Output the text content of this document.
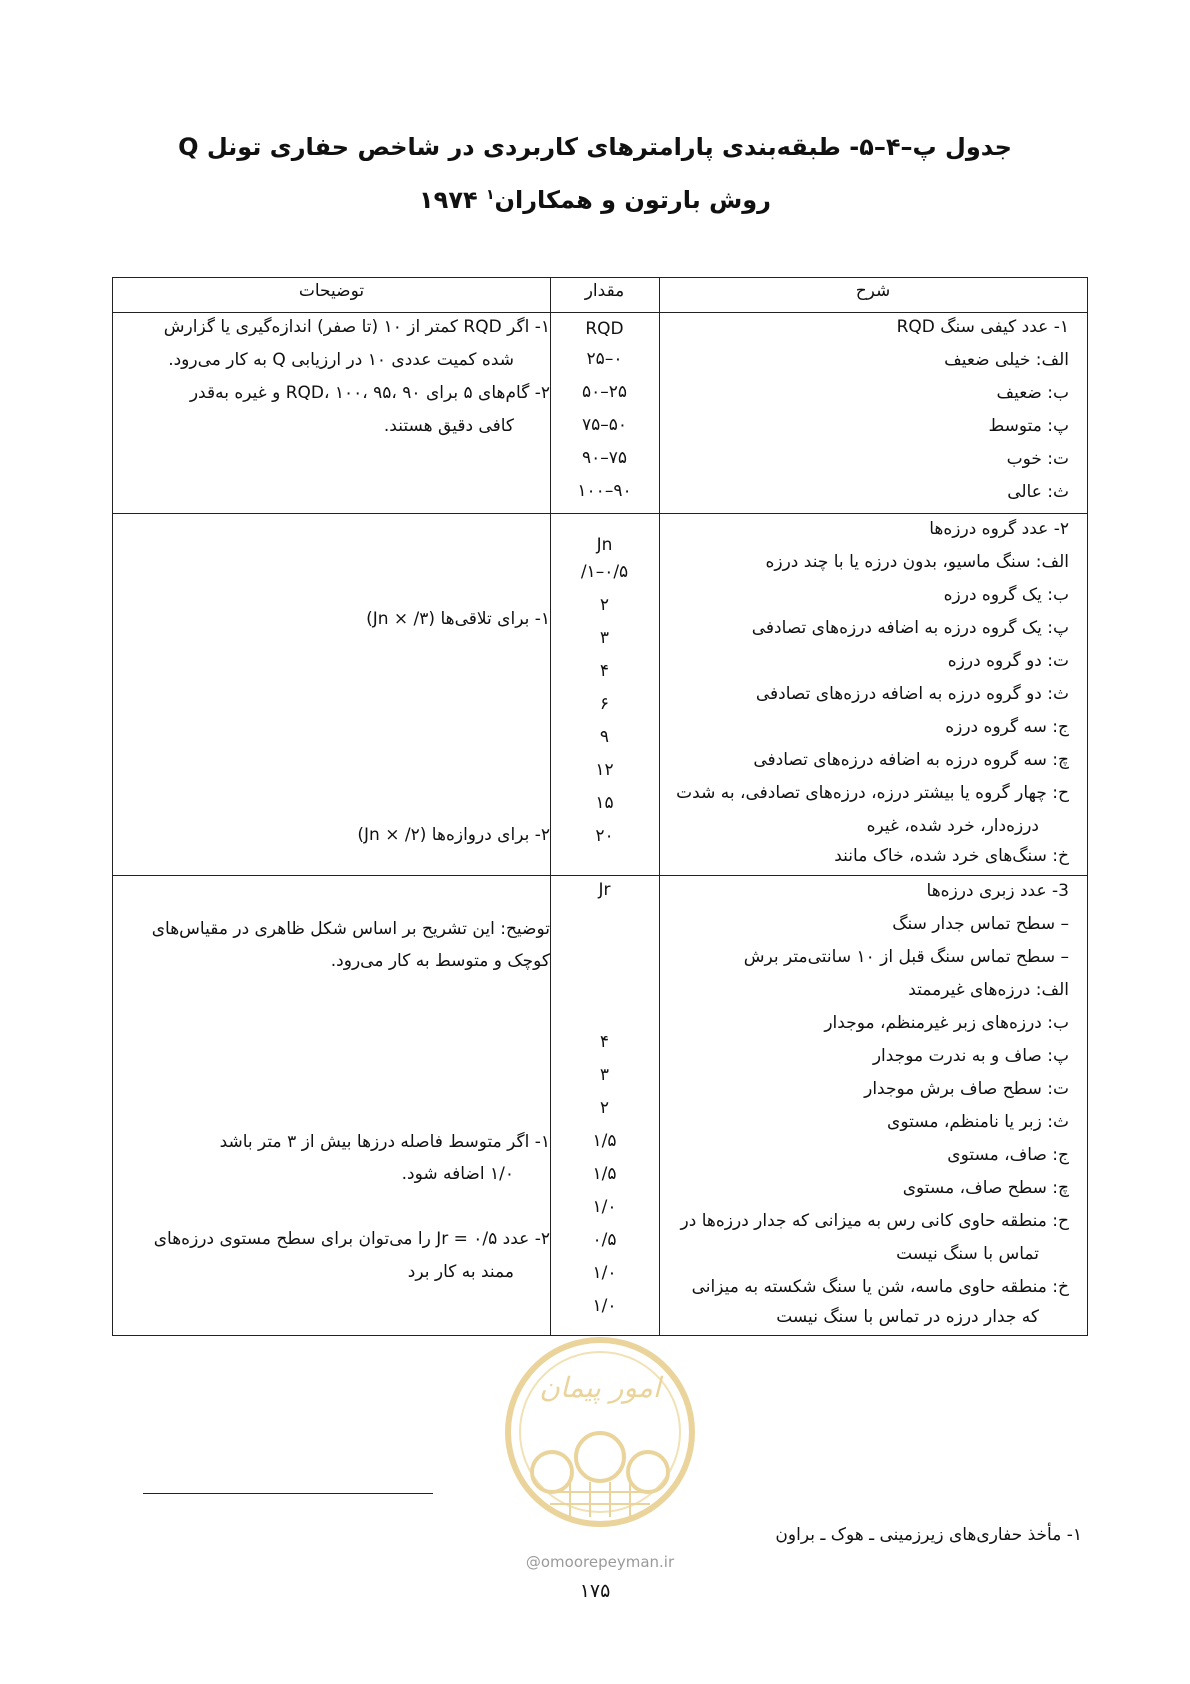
جدول پ–۴–۵- طبقه‌بندی پارامترهای کاربردی در شاخص حفاری تونل Q
روش بارتون و همکاران$^۱$ ۱۹۷۴
شرح
مقدار
توضیحات
۱- عدد کیفی سنگ RQD
الف: خیلی ضعیف
ب: ضعیف
پ: متوسط
ت: خوب
ث: عالی
۲- عدد گروه درزه‌ها
الف: سنگ ماسیو، بدون درزه یا با چند درزه
ب: یک گروه درزه
پ: یک گروه درزه به اضافه درزه‌های تصادفی
ت: دو گروه درزه
ث: دو گروه درزه به اضافه درزه‌های تصادفی
ج: سه گروه درزه
چ: سه گروه درزه به اضافه درزه‌های تصادفی
ح: چهار گروه یا بیشتر درزه، درزه‌های تصادفی، به شدت
درزه‌دار، خرد شده، غیره
خ: سنگ‌های خرد شده، خاک مانند
3- عدد زبری درزه‌ها
– سطح تماس جدار سنگ
– سطح تماس سنگ قبل از ۱۰ سانتی‌متر برش
الف: درزه‌های غیرممتد
ب: درزه‌های زبر غیرمنظم، موجدار
پ: صاف و به ندرت موجدار
ت: سطح صاف برش موجدار
ث: زبر یا نامنظم، مستوی
ج: صاف، مستوی
چ: سطح صاف، مستوی
ح: منطقه حاوی کانی رس به میزانی که جدار درزه‌ها در
تماس با سنگ نیست
خ: منطقه حاوی ماسه، شن یا سنگ شکسته به میزانی
که جدار درزه در تماس با سنگ نیست
RQD
۰–۲۵
۲۵–۵۰
۵۰–۷۵
۷۵–۹۰
۹۰–۱۰۰
Jn
۰/۵–۱/
۲
۳
۴
۶
۹
۱۲
۱۵
۲۰
Jr
۴
۳
۲
۱/۵
۱/۵
۱/۰
۰/۵
۱/۰
۱/۰
۱- اگر RQD کمتر از ۱۰ (تا صفر) اندازه‌گیری یا گزارش
شده کمیت عددی ۱۰ در ارزیابی Q به کار می‌رود.
۲- گام‌های ۵ برای RQD، ۱۰۰، ۹۵، ۹۰ و غیره به‌قدر
کافی دقیق هستند.
۱- برای تلاقی‌ها (۳/ × Jn)
۲- برای دروازه‌ها (۲/ × Jn)
توضیح: این تشریح بر اساس شکل ظاهری در مقیاس‌های
کوچک و متوسط به کار می‌رود.
۱- اگر متوسط فاصله درزها بیش از ۳ متر باشد
۱/۰ اضافه شود.
۲- عدد Jr = ۰/۵ را می‌توان برای سطح مستوی درزه‌های
ممند به کار برد
امور پیمان
۱- مأخذ حفاری‌های زیرزمینی ـ هوک ـ براون
@omoorepeyman.ir
۱۷۵
